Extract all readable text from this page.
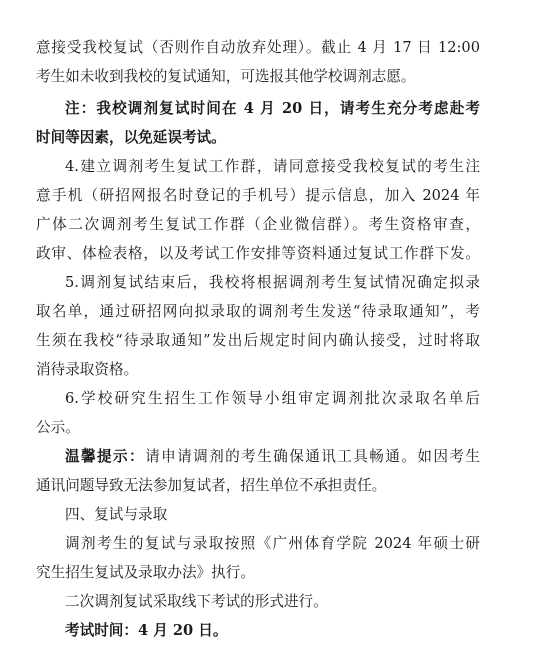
意接受我校复试（否则作自动放弃处理）。截止 4 月 17 日 12:00
考生如未收到我校的复试通知，可选报其他学校调剂志愿。
注：我校调剂复试时间在 4 月 20 日，请考生充分考虑赴考
时间等因素，以免延误考试。
4.建立调剂考生复试工作群，请同意接受我校复试的考生注
意手机（研招网报名时登记的手机号）提示信息，加入 2024 年
广体二次调剂考生复试工作群（企业微信群）。考生资格审查，
政审、体检表格，以及考试工作安排等资料通过复试工作群下发。
5.调剂复试结束后，我校将根据调剂考生复试情况确定拟录
取名单，通过研招网向拟录取的调剂考生发送“待录取通知”，考
生须在我校“待录取通知”发出后规定时间内确认接受，过时将取
消待录取资格。
6.学校研究生招生工作领导小组审定调剂批次录取名单后
公示。
温馨提示：请申请调剂的考生确保通讯工具畅通。如因考生
通讯问题导致无法参加复试者，招生单位不承担责任。
四、复试与录取
调剂考生的复试与录取按照《广州体育学院 2024 年硕士研
究生招生复试及录取办法》执行。
二次调剂复试采取线下考试的形式进行。
考试时间：4 月 20 日。
